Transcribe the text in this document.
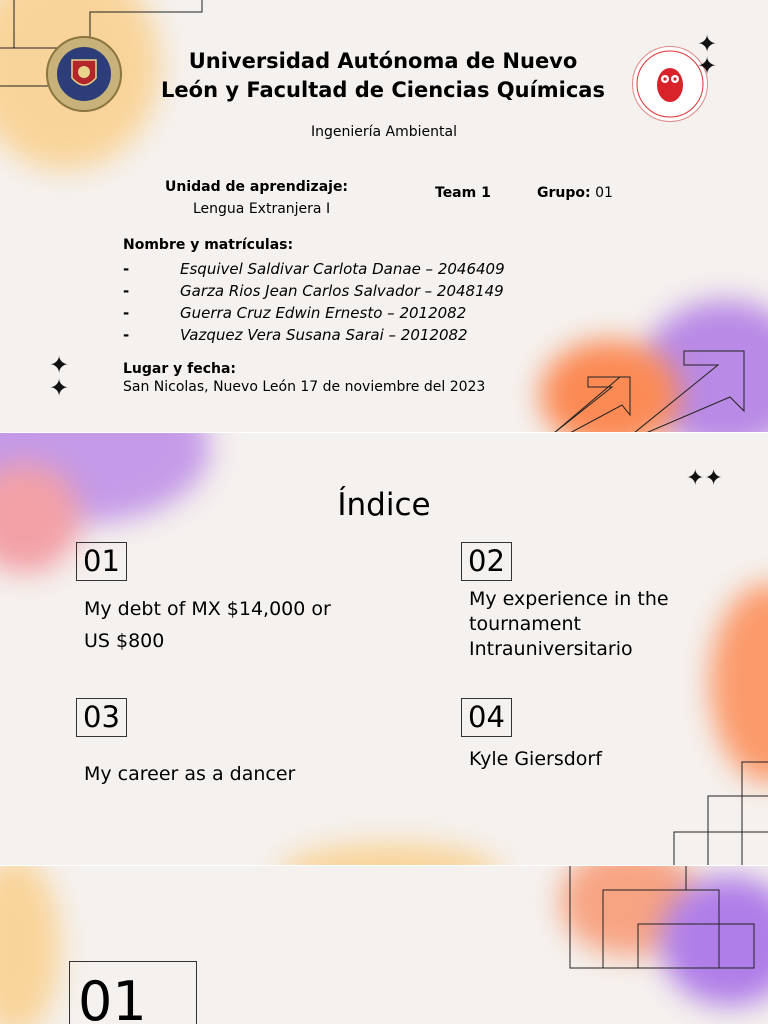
Universidad Autónoma de Nuevo
León y Facultad de Ciencias Químicas
✦
✦
Ingeniería Ambiental
Unidad de aprendizaje:
Lengua Extranjera I
Team 1	Grupo: 01
Nombre y matrículas:
-	Esquivel Saldivar Carlota Danae – 2046409
-	Garza Rios Jean Carlos Salvador – 2048149
-	Guerra Cruz Edwin Ernesto – 2012082
-	Vazquez Vera Susana Sarai – 2012082
✦
✦
Lugar y fecha:
San Nicolas, Nuevo León 17 de noviembre del 2023
✦✦
Índice
01
My debt of MX $14,000 or
US $800
02
My experience in the
tournament
Intrauniversitario
03
My career as a dancer
04
Kyle Giersdorf
01
